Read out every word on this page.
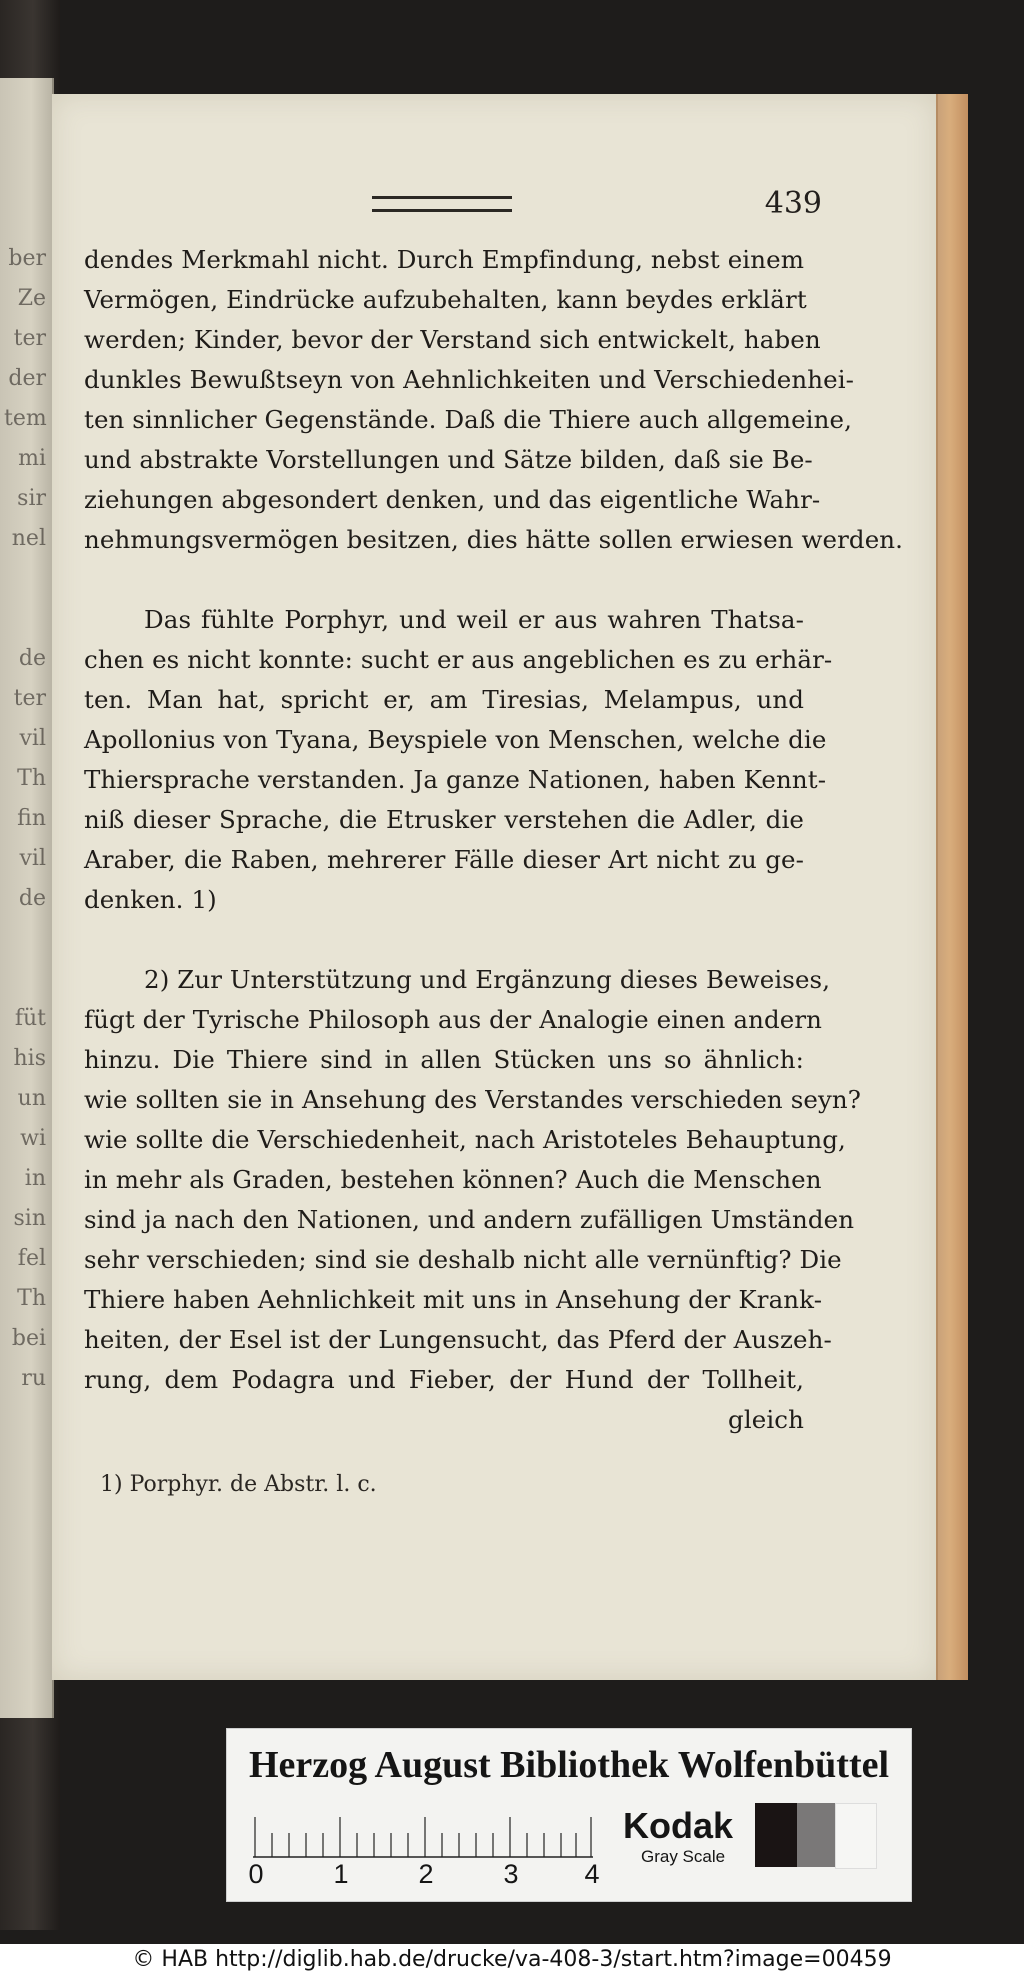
ber
Ze
ter
der
tem
mi
sir
nel
de
ter
vil
Th
fin
vil
de
füt
his
un
wi
in
sin
fel
Th
bei
ru
439
dendes Merkmahl nicht. Durch Empfindung, nebst einem
Vermögen, Eindrücke aufzubehalten, kann beydes erklärt
werden; Kinder, bevor der Verstand sich entwickelt, haben
dunkles Bewußtseyn von Aehnlichkeiten und Verschiedenhei-
ten sinnlicher Gegenstände. Daß die Thiere auch allgemeine,
und abstrakte Vorstellungen und Sätze bilden, daß sie Be-
ziehungen abgesondert denken, und das eigentliche Wahr-
nehmungsvermögen besitzen, dies hätte sollen erwiesen werden.
Das fühlte Porphyr, und weil er aus wahren Thatsa-
chen es nicht konnte: sucht er aus angeblichen es zu erhär-
ten. Man hat, spricht er, am Tiresias, Melampus, und
Apollonius von Tyana, Beyspiele von Menschen, welche die
Thiersprache verstanden. Ja ganze Nationen, haben Kennt-
niß dieser Sprache, die Etrusker verstehen die Adler, die
Araber, die Raben, mehrerer Fälle dieser Art nicht zu ge-
denken. 1)
2) Zur Unterstützung und Ergänzung dieses Beweises,
fügt der Tyrische Philosoph aus der Analogie einen andern
hinzu. Die Thiere sind in allen Stücken uns so ähnlich:
wie sollten sie in Ansehung des Verstandes verschieden seyn?
wie sollte die Verschiedenheit, nach Aristoteles Behauptung,
in mehr als Graden, bestehen können? Auch die Menschen
sind ja nach den Nationen, und andern zufälligen Umständen
sehr verschieden; sind sie deshalb nicht alle vernünftig? Die
Thiere haben Aehnlichkeit mit uns in Ansehung der Krank-
heiten, der Esel ist der Lungensucht, das Pferd der Auszeh-
rung, dem Podagra und Fieber, der Hund der Tollheit,
gleich
1) Porphyr. de Abstr. l. c.
Herzog August Bibliothek Wolfenbüttel
0	1	2	3 4
Kodak
Gray Scale
© HAB http://diglib.hab.de/drucke/va-408-3/start.htm?image=00459
